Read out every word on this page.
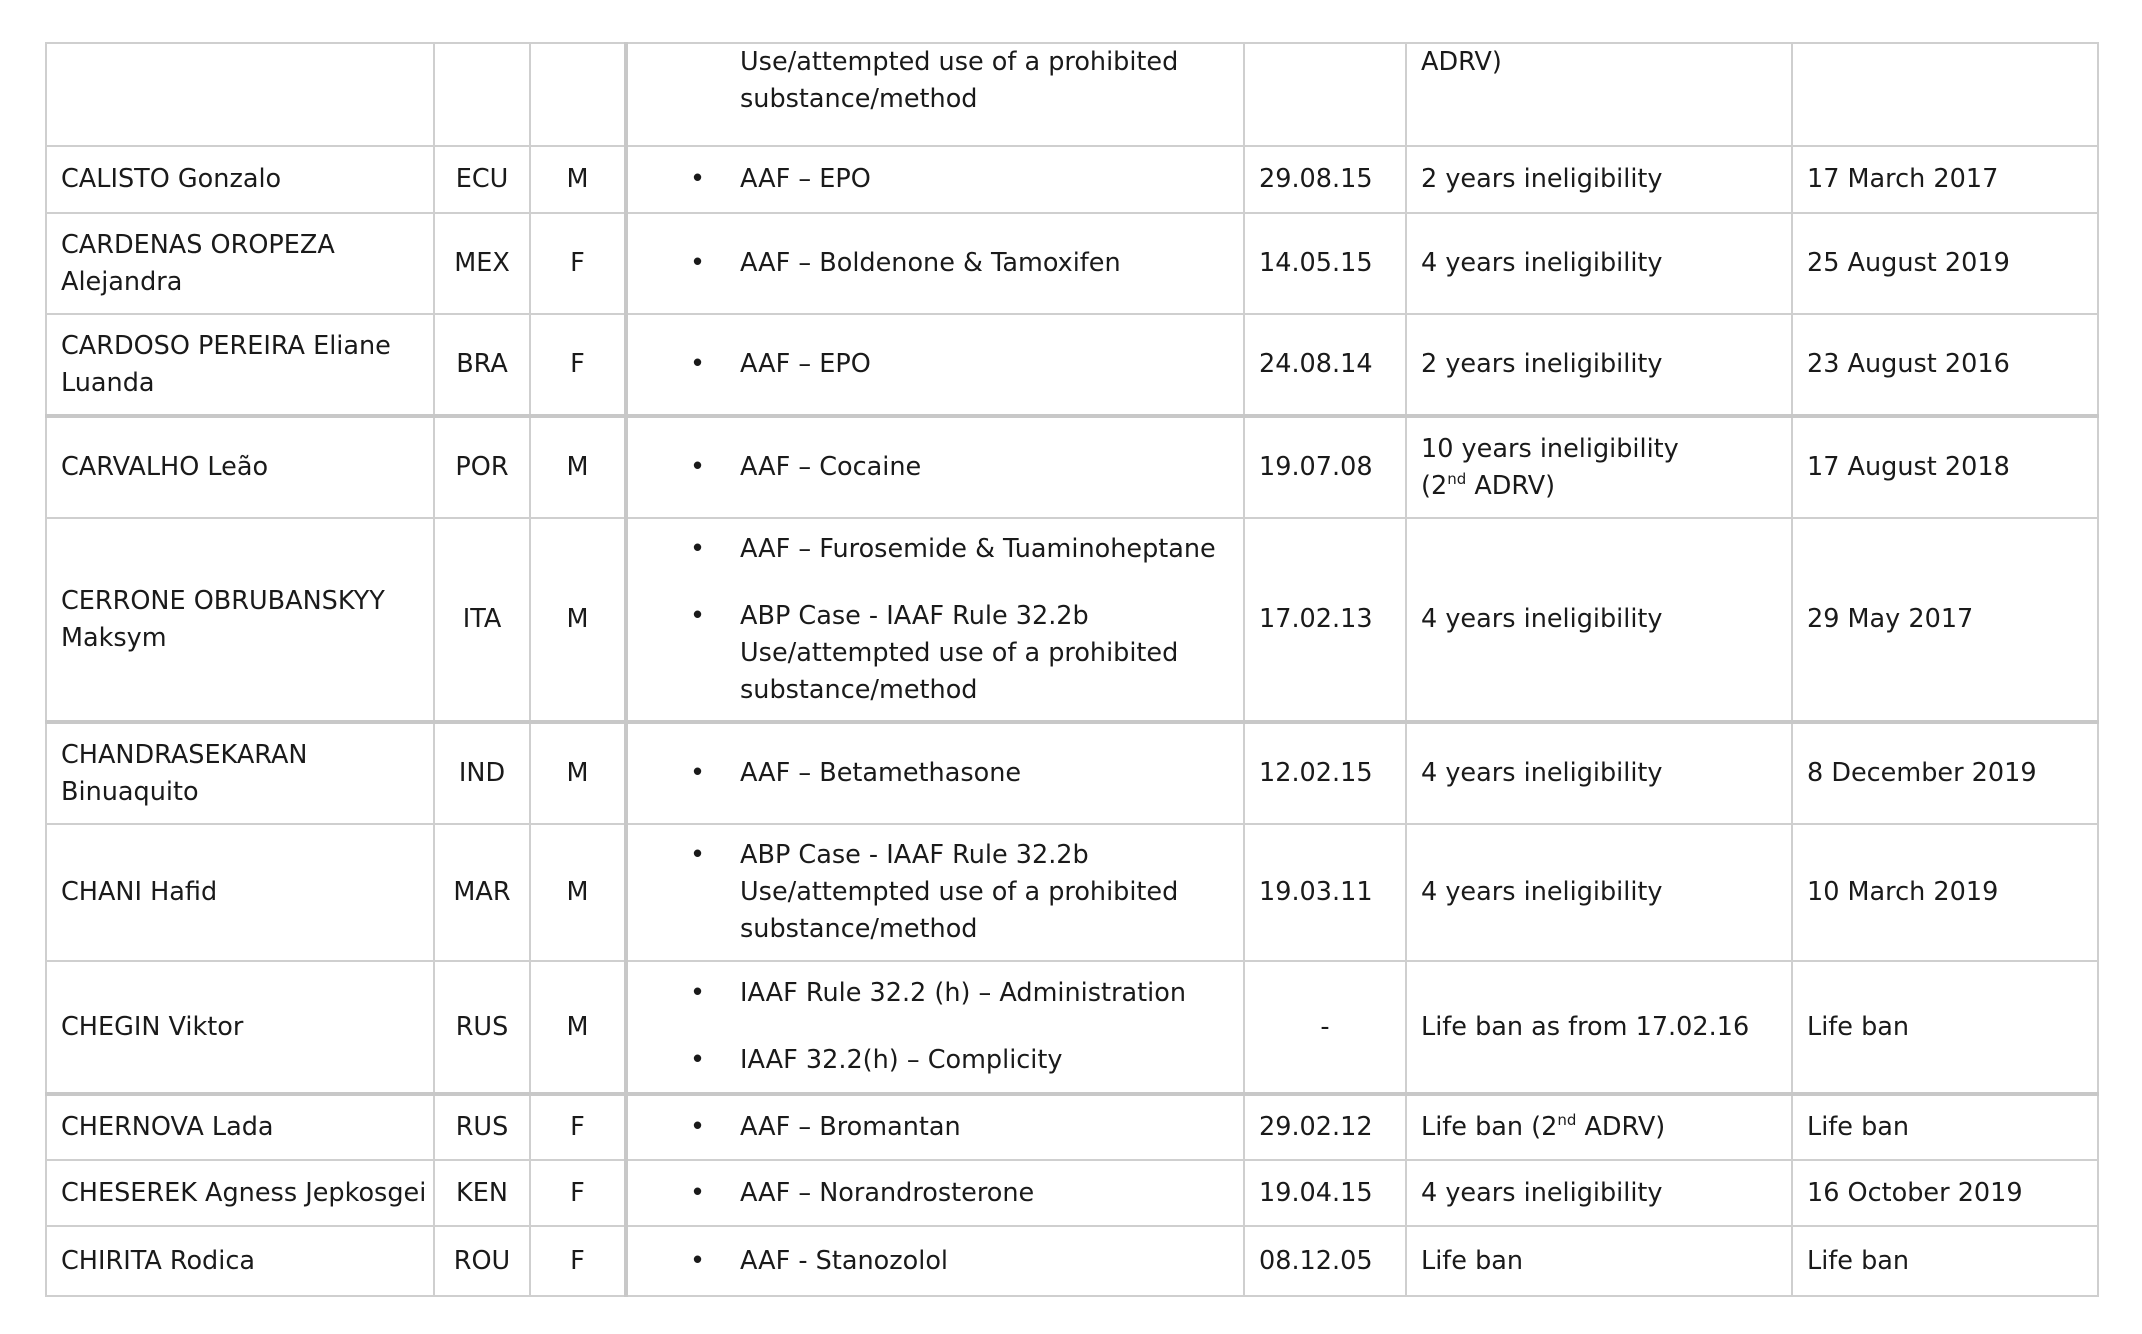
			Use/attempted use of a prohibited
substance/method		ADRV)	

CALISTO Gonzalo	ECU	M	• AAF – EPO	29.08.15	2 years ineligibility	17 March 2017

CARDENAS OROPEZA
Alejandra	MEX	F	• AAF – Boldenone & Tamoxifen	14.05.15	4 years ineligibility	25 August 2019

CARDOSO PEREIRA Eliane
Luanda	BRA	F	• AAF – EPO	24.08.14	2 years ineligibility	23 August 2016
CARVALHO Leão	POR	M	• AAF – Cocaine	19.07.08	10 years ineligibility
(2nd ADRV)	17 August 2018

CERRONE OBRUBANSKYY
Maksym	ITA	M	• AAF – Furosemide & Tuaminoheptane
• ABP Case - IAAF Rule 32.2b
Use/attempted use of a prohibited
substance/method	17.02.13	4 years ineligibility	29 May 2017

CHANDRASEKARAN
Binuaquito	IND	M	• AAF – Betamethasone	12.02.15	4 years ineligibility	8 December 2019
CHANI Hafid	MAR	M	• ABP Case - IAAF Rule 32.2b
Use/attempted use of a prohibited
substance/method	19.03.11	4 years ineligibility	10 March 2019
CHEGIN Viktor	RUS	M	• IAAF Rule 32.2 (h) – Administration
• IAAF 32.2(h) – Complicity	-	Life ban as from 17.02.16	Life ban
CHERNOVA Lada	RUS	F	• AAF – Bromantan	29.02.12	Life ban (2nd ADRV)	Life ban
CHESEREK Agness Jepkosgei	KEN	F	• AAF – Norandrosterone	19.04.15	4 years ineligibility	16 October 2019
CHIRITA Rodica	ROU	F	• AAF - Stanozolol	08.12.05	Life ban	Life ban
